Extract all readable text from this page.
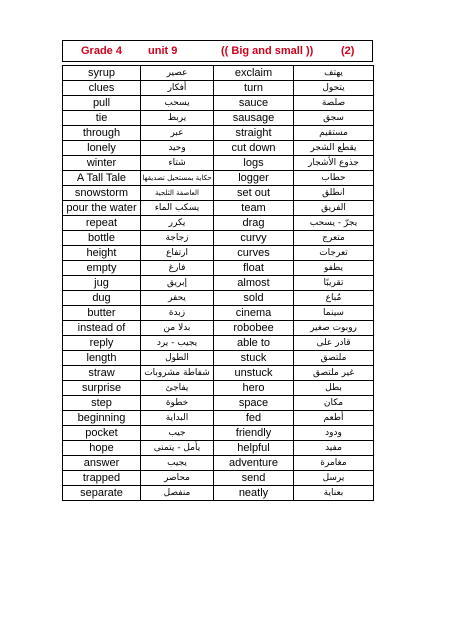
Grade 4 unit 9	(( Big and small ))	(2)
syrup	عصير	exclaim	يهتف
clues	أفكار	turn	يتحول
pull	يسحب	sauce	صلصة
tie	يربط	sausage	سجق
through	عبر	straight	مستقيم
lonely	وحيد	cut down	يقطع الشجر
winter	شتاء	logs	جذوع الأشجار
A Tall Tale	حكاية بمستحيل تصديقها	logger	حطاب
snowstorm	العاصفة الثلجية	set out	انطلق
pour the water	يسكب الماء	team	الفريق
repeat	يكرر	drag	يجرّ - يسحب
bottle	زجاجة	curvy	متعرج
height	ارتفاع	curves	تعرجات
empty	فارغ	float	يطفو
jug	إبريق	almost	تقريبًا
dug	يحفر	sold	مُباع
butter	زبدة	cinema	سينما
instead of	بدلا من	robobee	روبوت صغير
reply	يجيب - يرد	able to	قادر على
length	الطول	stuck	ملتصق
straw	شفاطة مشروبات	unstuck	غير ملتصق
surprise	يفاجئ	hero	بطل
step	خطوة	space	مكان
beginning	البداية	fed	أطعم
pocket	جيب	friendly	ودود
hope	يأمل - يتمنى	helpful	مفيد
answer	يجيب	adventure	مغامرة
trapped	محاصر	send	يرسل
separate	منفصل	neatly	بعناية
